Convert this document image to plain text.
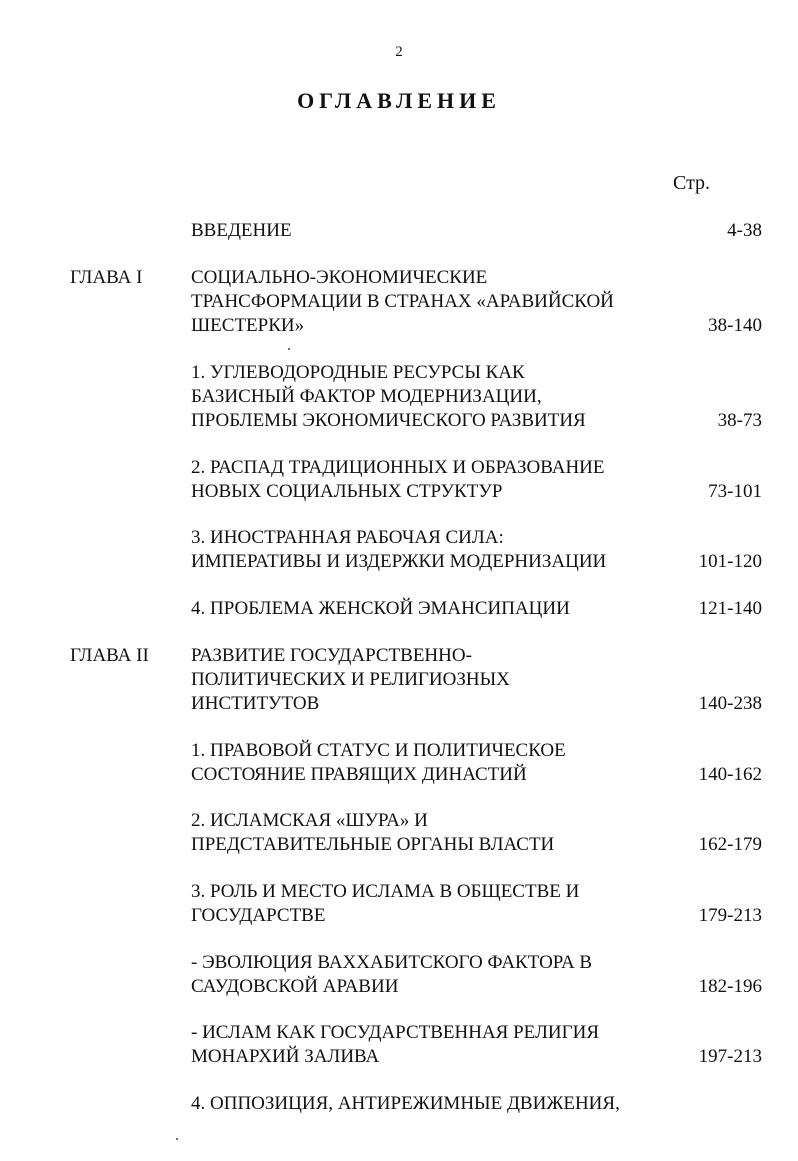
2
ОГЛАВЛЕНИЕ
Стр.
ВВЕДЕНИЕ	4-38
ГЛАВА I	СОЦИАЛЬНО-ЭКОНОМИЧЕСКИЕ
ТРАНСФОРМАЦИИ В СТРАНАХ «АРАВИЙСКОЙ
ШЕСТЕРКИ»	38-140
1. УГЛЕВОДОРОДНЫЕ РЕСУРСЫ КАК
БАЗИСНЫЙ ФАКТОР МОДЕРНИЗАЦИИ,
ПРОБЛЕМЫ ЭКОНОМИЧЕСКОГО РАЗВИТИЯ	38-73
2. РАСПАД ТРАДИЦИОННЫХ И ОБРАЗОВАНИЕ
НОВЫХ СОЦИАЛЬНЫХ СТРУКТУР	73-101
3. ИНОСТРАННАЯ РАБОЧАЯ СИЛА:
ИМПЕРАТИВЫ И ИЗДЕРЖКИ МОДЕРНИЗАЦИИ	101-120
4. ПРОБЛЕМА ЖЕНСКОЙ ЭМАНСИПАЦИИ	121-140
ГЛАВА II РАЗВИТИЕ ГОСУДАРСТВЕННО-
ПОЛИТИЧЕСКИХ И РЕЛИГИОЗНЫХ
ИНСТИТУТОВ	140-238
1. ПРАВОВОЙ СТАТУС И ПОЛИТИЧЕСКОЕ
СОСТОЯНИЕ ПРАВЯЩИХ ДИНАСТИЙ	140-162
2. ИСЛАМСКАЯ «ШУРА» И
ПРЕДСТАВИТЕЛЬНЫЕ ОРГАНЫ ВЛАСТИ	162-179
3. РОЛЬ И МЕСТО ИСЛАМА В ОБЩЕСТВЕ И
ГОСУДАРСТВЕ	179-213
- ЭВОЛЮЦИЯ ВАХХАБИТСКОГО ФАКТОРА В
САУДОВСКОЙ АРАВИИ	182-196
- ИСЛАМ КАК ГОСУДАРСТВЕННАЯ РЕЛИГИЯ
МОНАРХИЙ ЗАЛИВА	197-213
4. ОППОЗИЦИЯ, АНТИРЕЖИМНЫЕ ДВИЖЕНИЯ,
